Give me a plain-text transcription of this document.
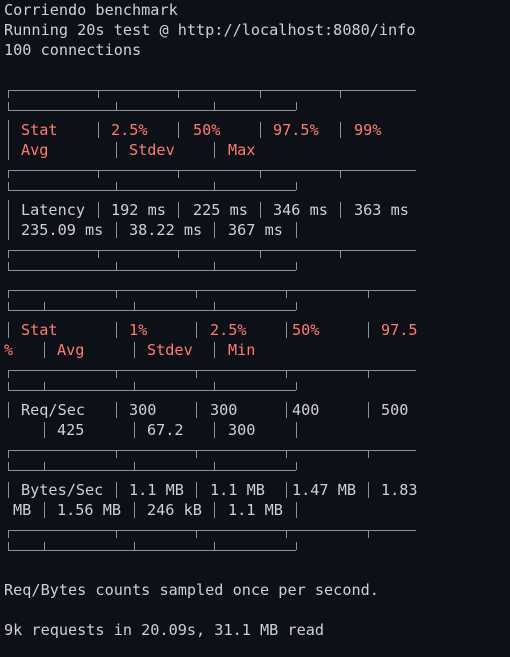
Corriendo benchmark
Running 20s test @ http://localhost:8080/info
100 connections
Stat	2.5%	50%	97.5% 99%
Avg	Stdev	Max
Latency 192 ms 225 ms 346 ms 363 ms
235.09 ms 38.22 ms 367 ms
Stat	1%	2.5%	50%	97.5
%	Avg	Stdev Min
Req/Sec	300	300	400	500
425	67.2	300
Bytes/Sec 1.1 MB 1.1 MB 1.47 MB 1.83
MB 1.56 MB 246 kB 1.1 MB
Req/Bytes counts sampled once per second.
9k requests in 20.09s, 31.1 MB read
